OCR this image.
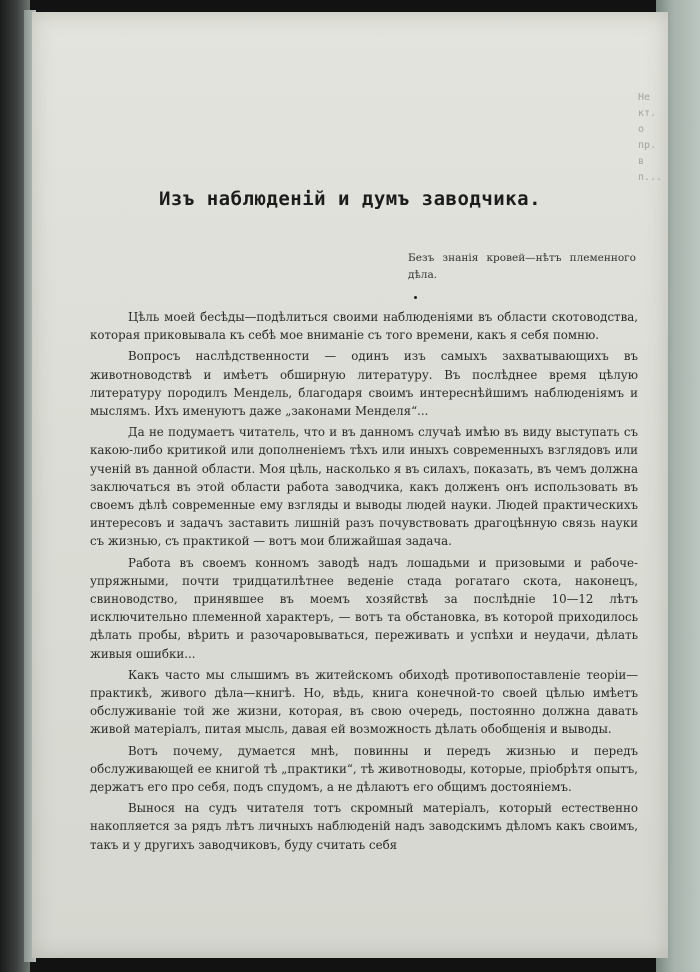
Не кт. о пр. в п...
Изъ наблюденій и думъ заводчика.
Безъ знанія кровей—нѣтъ племенного дѣла.

Цѣль моей бесѣды—подѣлиться своими наблюденіями въ области скотоводства, которая приковывала къ себѣ мое вниманіе съ того времени, какъ я себя помню.

Вопросъ наслѣдственности — одинъ изъ самыхъ захватывающихъ въ животноводствѣ и имѣетъ обширную литературу. Въ послѣднее время цѣлую литературу породилъ Мендель, благодаря своимъ интереснѣйшимъ наблюденіямъ и мыслямъ. Ихъ именуютъ даже „законами Менделя“...

Да не подумаетъ читатель, что и въ данномъ случаѣ имѣю въ виду выступать съ какою-либо критикой или дополненіемъ тѣхъ или иныхъ современныхъ взглядовъ или ученій въ данной области. Моя цѣль, насколько я въ силахъ, показать, въ чемъ должна заключаться въ этой области работа заводчика, какъ долженъ онъ использовать въ своемъ дѣлѣ современные ему взгляды и выводы людей науки. Людей практическихъ интересовъ и задачъ заставить лишній разъ почувствовать драгоцѣнную связь науки съ жизнью, съ практикой — вотъ мои ближайшая задача.

Работа въ своемъ конномъ заводѣ надъ лошадьми и призовыми и рабоче-упряжными, почти тридцатилѣтнее веденіе стада рогатаго скота, наконецъ, свиноводство, принявшее въ моемъ хозяйствѣ за послѣдніе 10—12 лѣтъ исключительно племенной характеръ, — вотъ та обстановка, въ которой приходилось дѣлать пробы, вѣрить и разочаровываться, переживать и успѣхи и неудачи, дѣлать живыя ошибки...

Какъ часто мы слышимъ въ житейскомъ обиходѣ противопоставленіе теоріи—практикѣ, живого дѣла—книгѣ. Но, вѣдь, книга конечной-то своей цѣлью имѣетъ обслуживаніе той же жизни, которая, въ свою очередь, постоянно должна давать живой матеріалъ, питая мысль, давая ей возможность дѣлать обобщенія и выводы.

Вотъ почему, думается мнѣ, повинны и передъ жизнью и передъ обслуживающей ее книгой тѣ „практики“, тѣ животноводы, которые, пріобрѣтя опытъ, держатъ его про себя, подъ спудомъ, а не дѣлаютъ его общимъ достояніемъ.

Вынося на судъ читателя тотъ скромный матеріалъ, который естественно накопляется за рядъ лѣтъ личныхъ наблюденій надъ заводскимъ дѣломъ какъ своимъ, такъ и у другихъ заводчиковъ, буду считать себя
